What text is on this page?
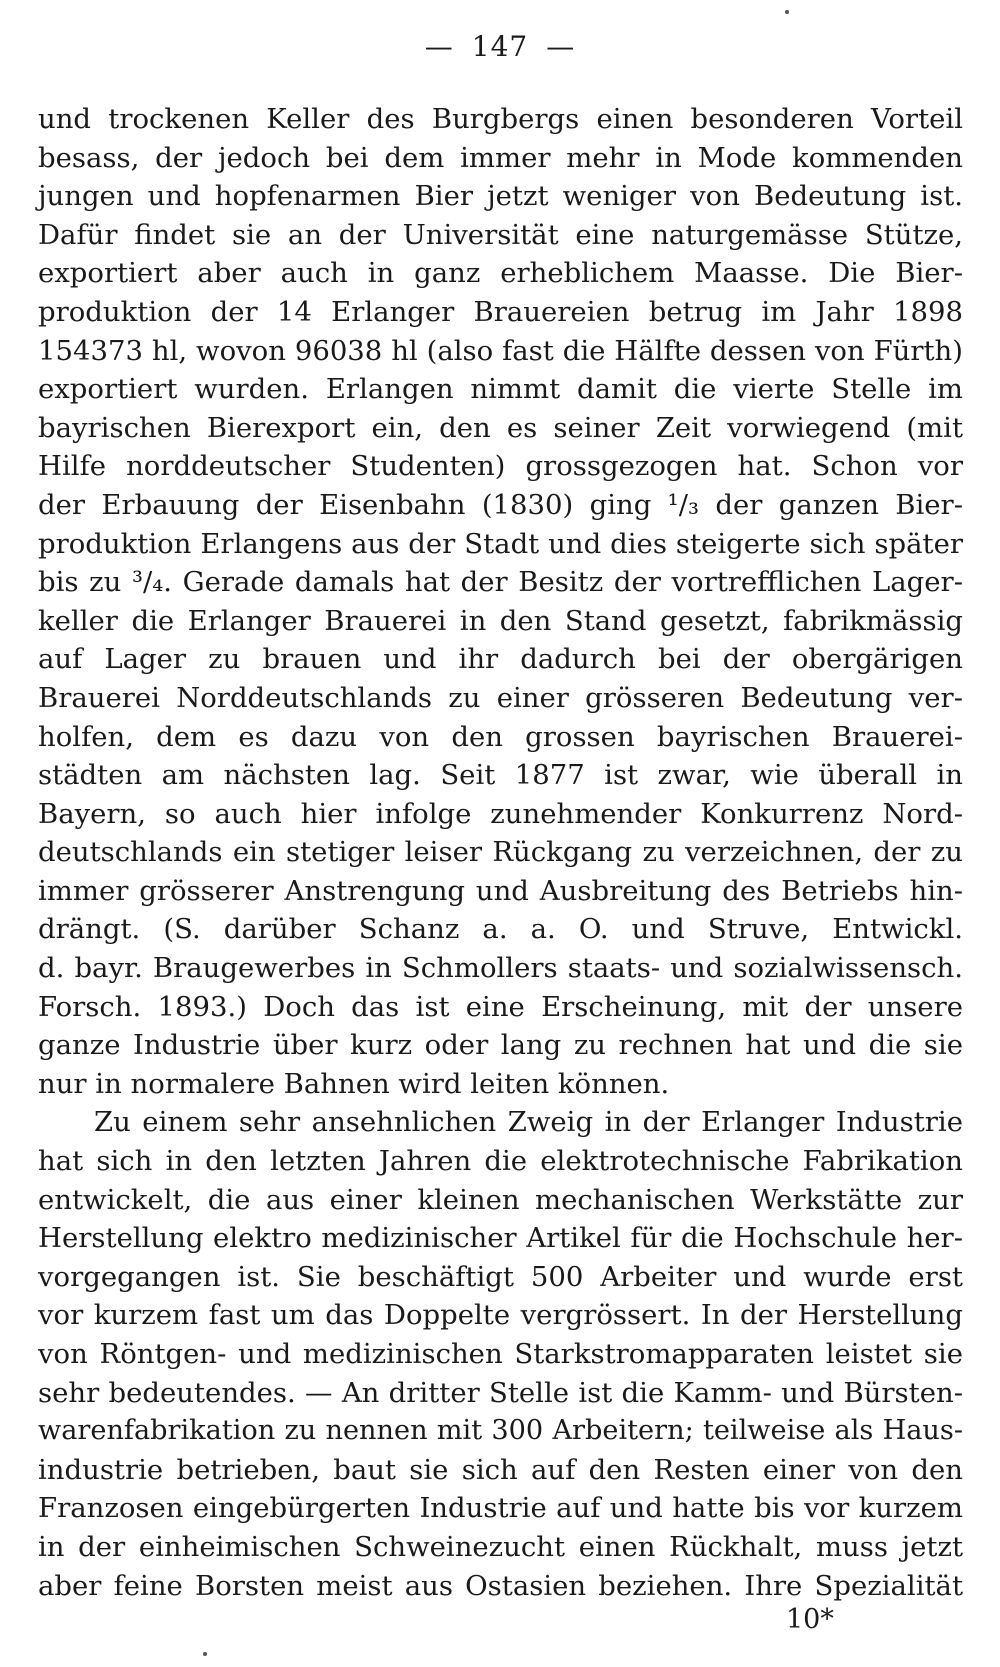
— 147 —
und trockenen Keller des Burgbergs einen besonderen Vorteil
besass, der jedoch bei dem immer mehr in Mode kommenden
jungen und hopfenarmen Bier jetzt weniger von Bedeutung ist.
Dafür findet sie an der Universität eine naturgemässe Stütze,
exportiert aber auch in ganz erheblichem Maasse. Die Bier-
produktion der 14 Erlanger Brauereien betrug im Jahr 1898
154373 hl, wovon 96038 hl (also fast die Hälfte dessen von Fürth)
exportiert wurden. Erlangen nimmt damit die vierte Stelle im
bayrischen Bierexport ein, den es seiner Zeit vorwiegend (mit
Hilfe norddeutscher Studenten) grossgezogen hat. Schon vor
der Erbauung der Eisenbahn (1830) ging ¹/₃ der ganzen Bier-
produktion Erlangens aus der Stadt und dies steigerte sich später
bis zu ³/₄. Gerade damals hat der Besitz der vortrefflichen Lager-
keller die Erlanger Brauerei in den Stand gesetzt, fabrikmässig
auf Lager zu brauen und ihr dadurch bei der obergärigen
Brauerei Norddeutschlands zu einer grösseren Bedeutung ver-
holfen, dem es dazu von den grossen bayrischen Brauerei-
städten am nächsten lag. Seit 1877 ist zwar, wie überall in
Bayern, so auch hier infolge zunehmender Konkurrenz Nord-
deutschlands ein stetiger leiser Rückgang zu verzeichnen, der zu
immer grösserer Anstrengung und Ausbreitung des Betriebs hin-
drängt. (S. darüber Schanz a. a. O. und Struve, Entwickl.
d. bayr. Braugewerbes in Schmollers staats- und sozialwissensch.
Forsch. 1893.) Doch das ist eine Erscheinung, mit der unsere
ganze Industrie über kurz oder lang zu rechnen hat und die sie
nur in normalere Bahnen wird leiten können.
Zu einem sehr ansehnlichen Zweig in der Erlanger Industrie
hat sich in den letzten Jahren die elektrotechnische Fabrikation
entwickelt, die aus einer kleinen mechanischen Werkstätte zur
Herstellung elektro medizinischer Artikel für die Hochschule her-
vorgegangen ist. Sie beschäftigt 500 Arbeiter und wurde erst
vor kurzem fast um das Doppelte vergrössert. In der Herstellung
von Röntgen- und medizinischen Starkstromapparaten leistet sie
sehr bedeutendes. — An dritter Stelle ist die Kamm- und Bürsten-
warenfabrikation zu nennen mit 300 Arbeitern; teilweise als Haus-
industrie betrieben, baut sie sich auf den Resten einer von den
Franzosen eingebürgerten Industrie auf und hatte bis vor kurzem
in der einheimischen Schweinezucht einen Rückhalt, muss jetzt
aber feine Borsten meist aus Ostasien beziehen. Ihre Spezialität
10*
